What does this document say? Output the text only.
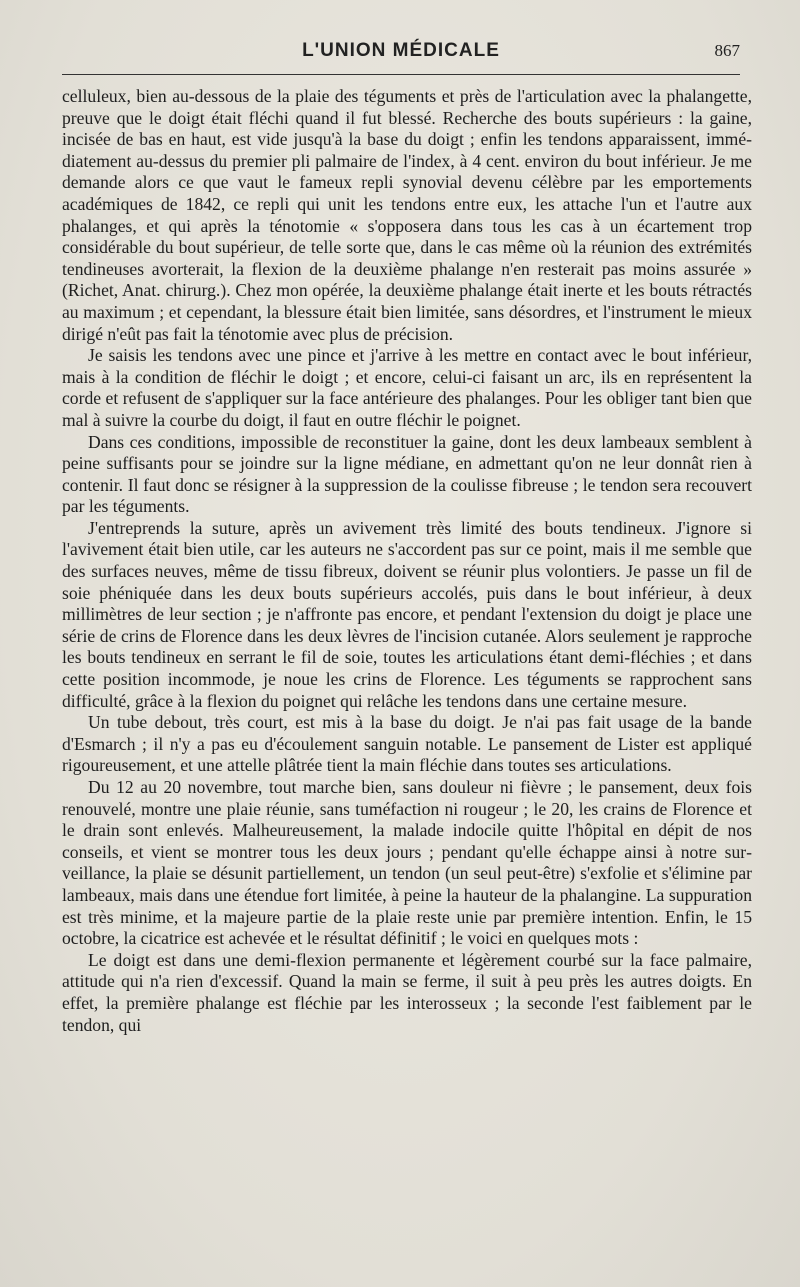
L'UNION MÉDICALE	867

celluleux, bien au-dessous de la plaie des téguments et près de l'articulation avec la phalangette, preuve que le doigt était fléchi quand il fut blessé. Recherche des bouts supérieurs : la gaine, incisée de bas en haut, est vide jusqu'à la base du doigt ; enfin les tendons apparaissent, immédiatement au-dessus du premier pli palmaire de l'index, à 4 cent. environ du bout inférieur. Je me demande alors ce que vaut le fameux repli synovial devenu célèbre par les emportements académiques de 1842, ce repli qui unit les tendons entre eux, les attache l'un et l'autre aux phalanges, et qui après la ténotomie « s'opposera dans tous les cas à un écartement trop considérable du bout supérieur, de telle sorte que, dans le cas même où la réunion des extrémités tendineuses avorterait, la flexion de la deuxième phalange n'en resterait pas moins assurée » (Richet, Anat. chirurg.). Chez mon opérée, la deuxième phalange était inerte et les bouts rétractés au maximum ; et cependant, la blessure était bien limitée, sans désordres, et l'instrument le mieux dirigé n'eût pas fait la ténotomie avec plus de précision.

Je saisis les tendons avec une pince et j'arrive à les mettre en contact avec le bout inférieur, mais à la condition de fléchir le doigt ; et encore, celui-ci faisant un arc, ils en représentent la corde et refusent de s'appliquer sur la face antérieure des phalanges. Pour les obliger tant bien que mal à suivre la courbe du doigt, il faut en outre fléchir le poignet.

Dans ces conditions, impossible de reconstituer la gaine, dont les deux lambeaux semblent à peine suffisants pour se joindre sur la ligne médiane, en admettant qu'on ne leur donnât rien à contenir. Il faut donc se résigner à la suppression de la coulisse fibreuse ; le tendon sera recouvert par les téguments.

J'entreprends la suture, après un avivement très limité des bouts tendineux. J'ignore si l'avivement était bien utile, car les auteurs ne s'accordent pas sur ce point, mais il me semble que des surfaces neuves, même de tissu fibreux, doivent se réunir plus volontiers. Je passe un fil de soie phéniquée dans les deux bouts supérieurs accolés, puis dans le bout inférieur, à deux millimètres de leur section ; je n'affronte pas encore, et pendant l'extension du doigt je place une série de crins de Florence dans les deux lèvres de l'incision cutanée. Alors seulement je rapproche les bouts tendineux en serrant le fil de soie, toutes les articulations étant demi-fléchies ; et dans cette position incommode, je noue les crins de Florence. Les téguments se rapprochent sans difficulté, grâce à la flexion du poignet qui relâche les tendons dans une certaine mesure.

Un tube debout, très court, est mis à la base du doigt. Je n'ai pas fait usage de la bande d'Esmarch ; il n'y a pas eu d'écoulement sanguin notable. Le pansement de Lister est appliqué rigoureusement, et une attelle plâtrée tient la main fléchie dans toutes ses articulations.

Du 12 au 20 novembre, tout marche bien, sans douleur ni fièvre ; le pansement, deux fois renouvelé, montre une plaie réunie, sans tuméfaction ni rougeur ; le 20, les crains de Florence et le drain sont enlevés. Malheureusement, la malade indocile quitte l'hôpital en dépit de nos conseils, et vient se montrer tous les deux jours ; pendant qu'elle échappe ainsi à notre surveillance, la plaie se désunit partiellement, un tendon (un seul peut-être) s'exfolie et s'élimine par lambeaux, mais dans une étendue fort limitée, à peine la hauteur de la phalangine. La suppuration est très minime, et la majeure partie de la plaie reste unie par première intention. Enfin, le 15 octobre, la cicatrice est achevée et le résultat définitif ; le voici en quelques mots :

Le doigt est dans une demi-flexion permanente et légèrement courbé sur la face palmaire, attitude qui n'a rien d'excessif. Quand la main se ferme, il suit à peu près les autres doigts. En effet, la première phalange est fléchie par les interosseux ; la seconde l'est faiblement par le tendon, qui
